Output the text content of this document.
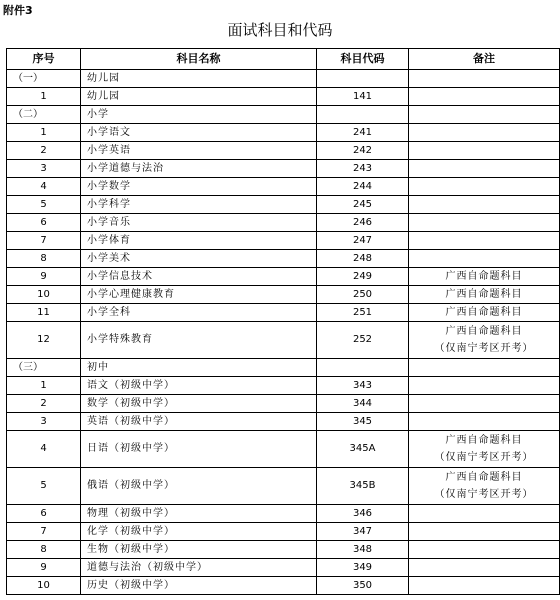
附件3
面试科目和代码
序号	科目名称	科目代码	备注
（一）	幼儿园		
1	幼儿园	141	
（二）	小学		
1	小学语文	241	
2	小学英语	242	
3	小学道德与法治	243	
4	小学数学	244	
5	小学科学	245	
6	小学音乐	246	
7	小学体育	247	
8	小学美术	248	
9	小学信息技术	249	广西自命题科目

10	小学心理健康教育	250	广西自命题科目

11	小学全科	251	广西自命题科目

12	小学特殊教育	252	广西自命题科目
（仅南宁考区开考）

（三）	初中		
1	语文（初级中学）	343	
2	数学（初级中学）	344	
3	英语（初级中学）	345	
4	日语（初级中学）	345A	广西自命题科目
（仅南宁考区开考）

5	俄语（初级中学）	345B	广西自命题科目
（仅南宁考区开考）

6	物理（初级中学）	346	
7	化学（初级中学）	347	
8	生物（初级中学）	348	
9	道德与法治（初级中学）	349	
10	历史（初级中学）	350	
